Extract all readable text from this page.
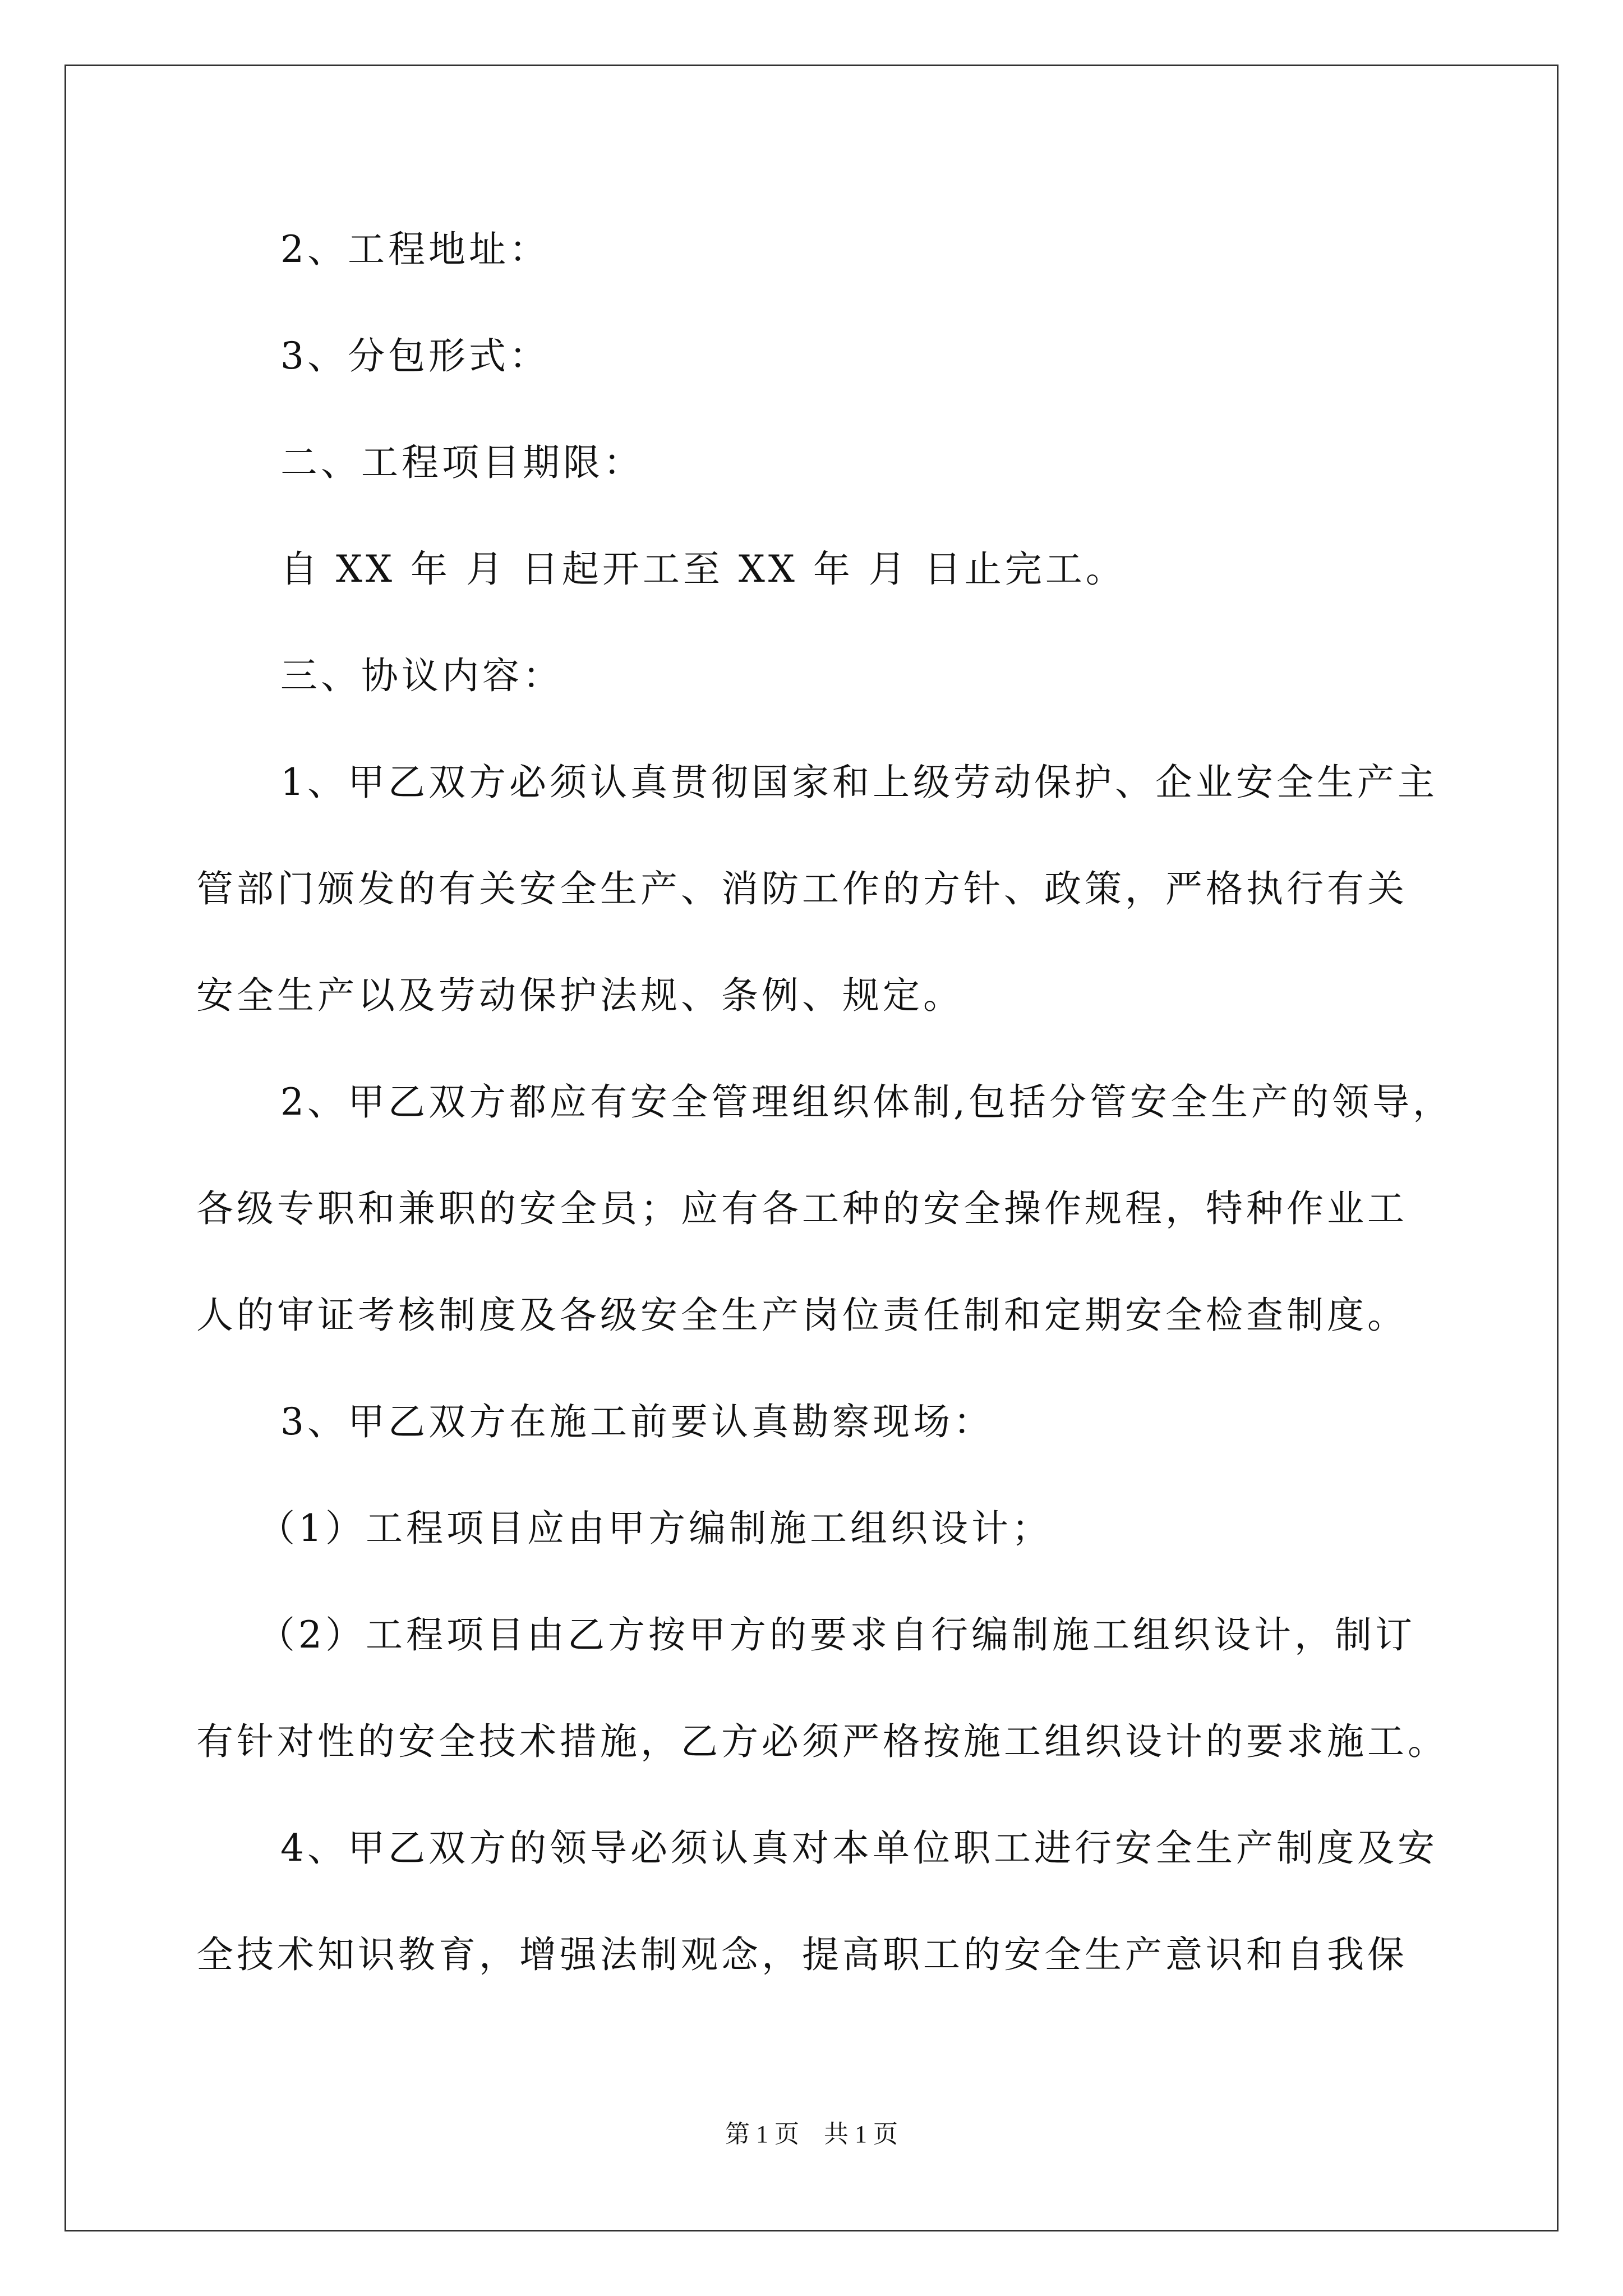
2、工程地址：
3、分包形式：
二、工程项目期限：
自 XX 年 月 日起开工至 XX 年 月 日止完工。
三、协议内容：
1、甲乙双方必须认真贯彻国家和上级劳动保护、企业安全生产主
管部门颁发的有关安全生产、消防工作的方针、政策，严格执行有关
安全生产以及劳动保护法规、条例、规定。
2、甲乙双方都应有安全管理组织体制,包括分管安全生产的领导，
各级专职和兼职的安全员；应有各工种的安全操作规程，特种作业工
人的审证考核制度及各级安全生产岗位责任制和定期安全检查制度。
3、甲乙双方在施工前要认真勘察现场：
（1）工程项目应由甲方编制施工组织设计；
（2）工程项目由乙方按甲方的要求自行编制施工组织设计，制订
有针对性的安全技术措施，乙方必须严格按施工组织设计的要求施工。
4、甲乙双方的领导必须认真对本单位职工进行安全生产制度及安
全技术知识教育，增强法制观念，提高职工的安全生产意识和自我保
第 1 页　共 1 页
